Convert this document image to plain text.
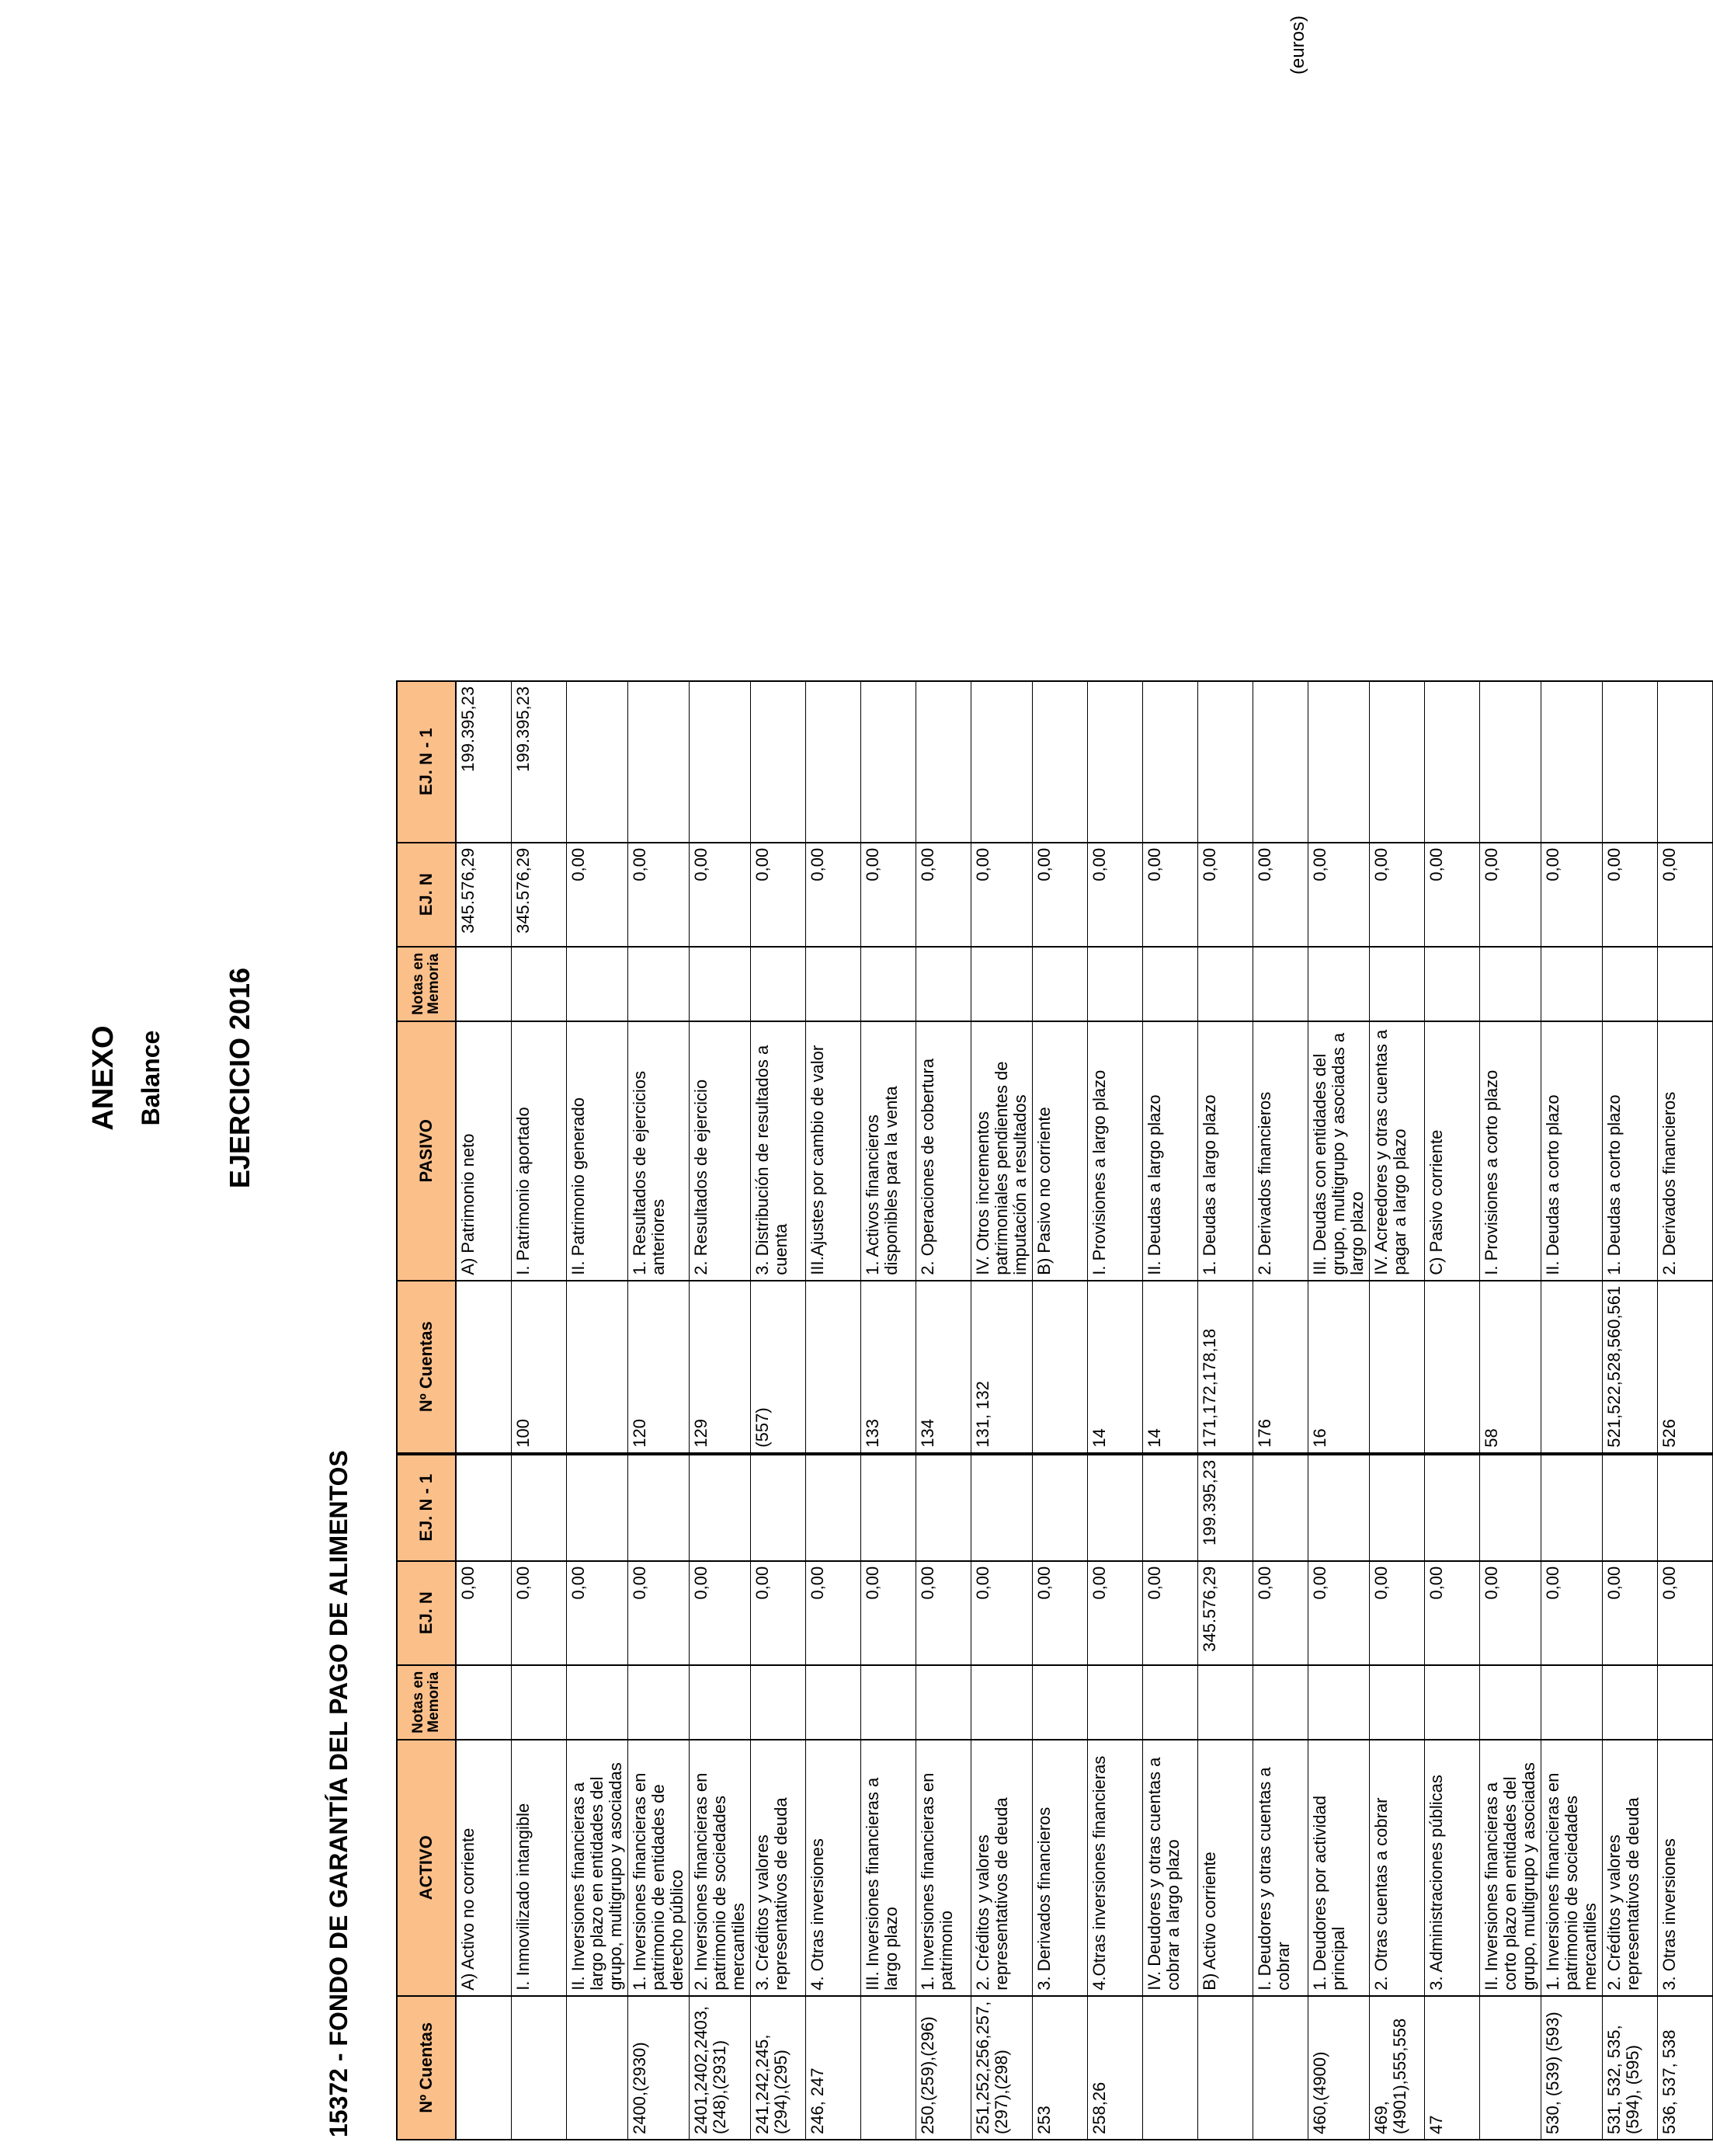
ANEXO Balance EJERCICIO 2016
15372 - FONDO DE GARANTÍA DEL PAGO DE ALIMENTOS
(euros)
Nº Cuentas	ACTIVO	Notas en Memoria	EJ. N	EJ. N - 1	Nº Cuentas	PASIVO	Notas en Memoria	EJ. N	EJ. N - 1
	A) Activo no corriente		0,00			A) Patrimonio neto		345.576,29	199.395,23
	I. Inmovilizado intangible		0,00		100	I. Patrimonio aportado		345.576,29	199.395,23
	II. Inversiones financieras a largo plazo en entidades del grupo, multigrupo y asociadas		0,00			II. Patrimonio generado		0,00	
2400,(2930)	1. Inversiones financieras en patrimonio de entidades de derecho público		0,00		120	1. Resultados de ejercicios anteriores		0,00	
2401,2402,2403,(248),(2931)	2. Inversiones financieras en patrimonio de sociedades mercantiles		0,00		129	2. Resultados de ejercicio		0,00	
241,242,245,(294),(295)	3. Créditos y valores representativos de deuda		0,00		(557)	3. Distribución de resultados a cuenta		0,00	
246, 247	4. Otras inversiones		0,00			III.Ajustes por cambio de valor		0,00	
	III. Inversiones financieras a largo plazo		0,00		133	1. Activos financieros disponibles para la venta		0,00	
250,(259),(296)	1. Inversiones financieras en patrimonio		0,00		134	2. Operaciones de cobertura		0,00	
251,252,256,257,(297),(298)	2. Créditos y valores representativos de deuda		0,00		131, 132	IV. Otros incrementos patrimoniales pendientes de imputación a resultados		0,00	
253	3. Derivados financieros		0,00			B) Pasivo no corriente		0,00	
258,26	4.Otras inversiones financieras		0,00		14	I. Provisiones a largo plazo		0,00	
	IV. Deudores y otras cuentas a cobrar a largo plazo		0,00		14	II. Deudas a largo plazo		0,00	
	B) Activo corriente		345.576,29	199.395,23	171,172,178,18	1. Deudas a largo plazo		0,00	
	I. Deudores y otras cuentas a cobrar		0,00		176	2. Derivados financieros		0,00	
460,(4900)	1. Deudores por actividad principal		0,00		16	III. Deudas con entidades del grupo, multigrupo y asociadas a largo plazo		0,00	
469,(4901),555,558	2. Otras cuentas a cobrar		0,00			IV. Acreedores y otras cuentas a pagar a largo plazo		0,00	
47	3. Administraciones públicas		0,00			C) Pasivo corriente		0,00	
	II. Inversiones financieras a corto plazo en entidades del grupo, multigrupo y asociadas		0,00		58	I. Provisiones a corto plazo		0,00	
530, (539) (593)	1. Inversiones financieras en patrimonio de sociedades mercantiles		0,00			II. Deudas a corto plazo		0,00	
531, 532, 535, (594), (595)	2. Créditos y valores representativos de deuda		0,00		521,522,528,560,561	1. Deudas a corto plazo		0,00	
536, 537, 538	3. Otras inversiones		0,00		526	2. Derivados financieros		0,00	
